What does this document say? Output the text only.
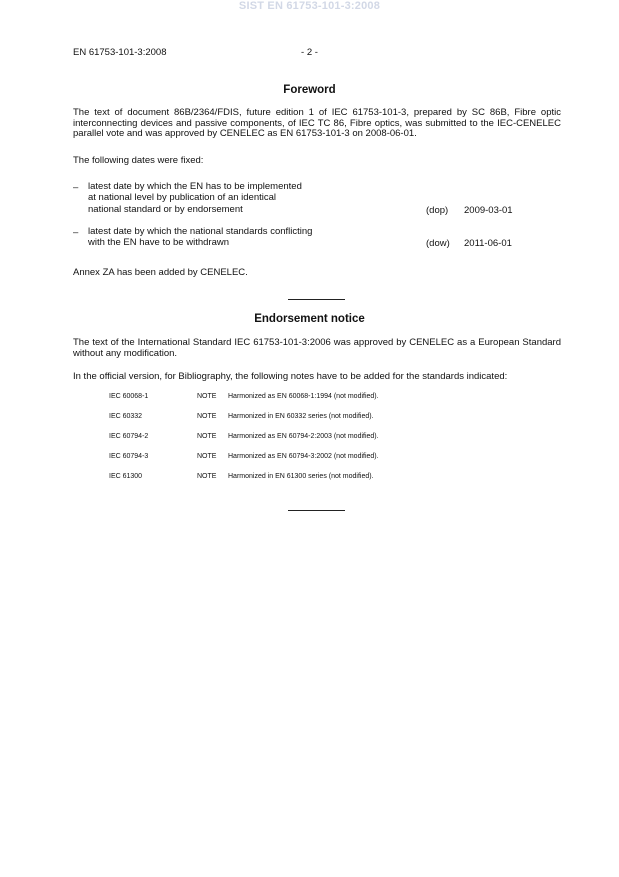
SIST EN 61753-101-3:2008
EN 61753-101-3:2008	- 2 -
Foreword
The text of document 86B/2364/FDIS, future edition 1 of IEC 61753-101-3, prepared by SC 86B, Fibre optic interconnecting devices and passive components, of IEC TC 86, Fibre optics, was submitted to the IEC-CENELEC parallel vote and was approved by CENELEC as EN 61753-101-3 on 2008-06-01.
The following dates were fixed:
– latest date by which the EN has to be implemented
at national level by publication of an identical
national standard or by endorsement	(dop) 2009-03-01
– latest date by which the national standards conflicting
with the EN have to be withdrawn	(dow) 2011-06-01
Annex ZA has been added by CENELEC.
Endorsement notice
The text of the International Standard IEC 61753-101-3:2006 was approved by CENELEC as a European Standard without any modification.
In the official version, for Bibliography, the following notes have to be added for the standards indicated:
IEC 60068-1	NOTE Harmonized as EN 60068-1:1994 (not modified).
IEC 60332	NOTE Harmonized in EN 60332 series (not modified).
IEC 60794-2	NOTE Harmonized as EN 60794-2:2003 (not modified).
IEC 60794-3	NOTE Harmonized as EN 60794-3:2002 (not modified).
IEC 61300	NOTE Harmonized in EN 61300 series (not modified).
